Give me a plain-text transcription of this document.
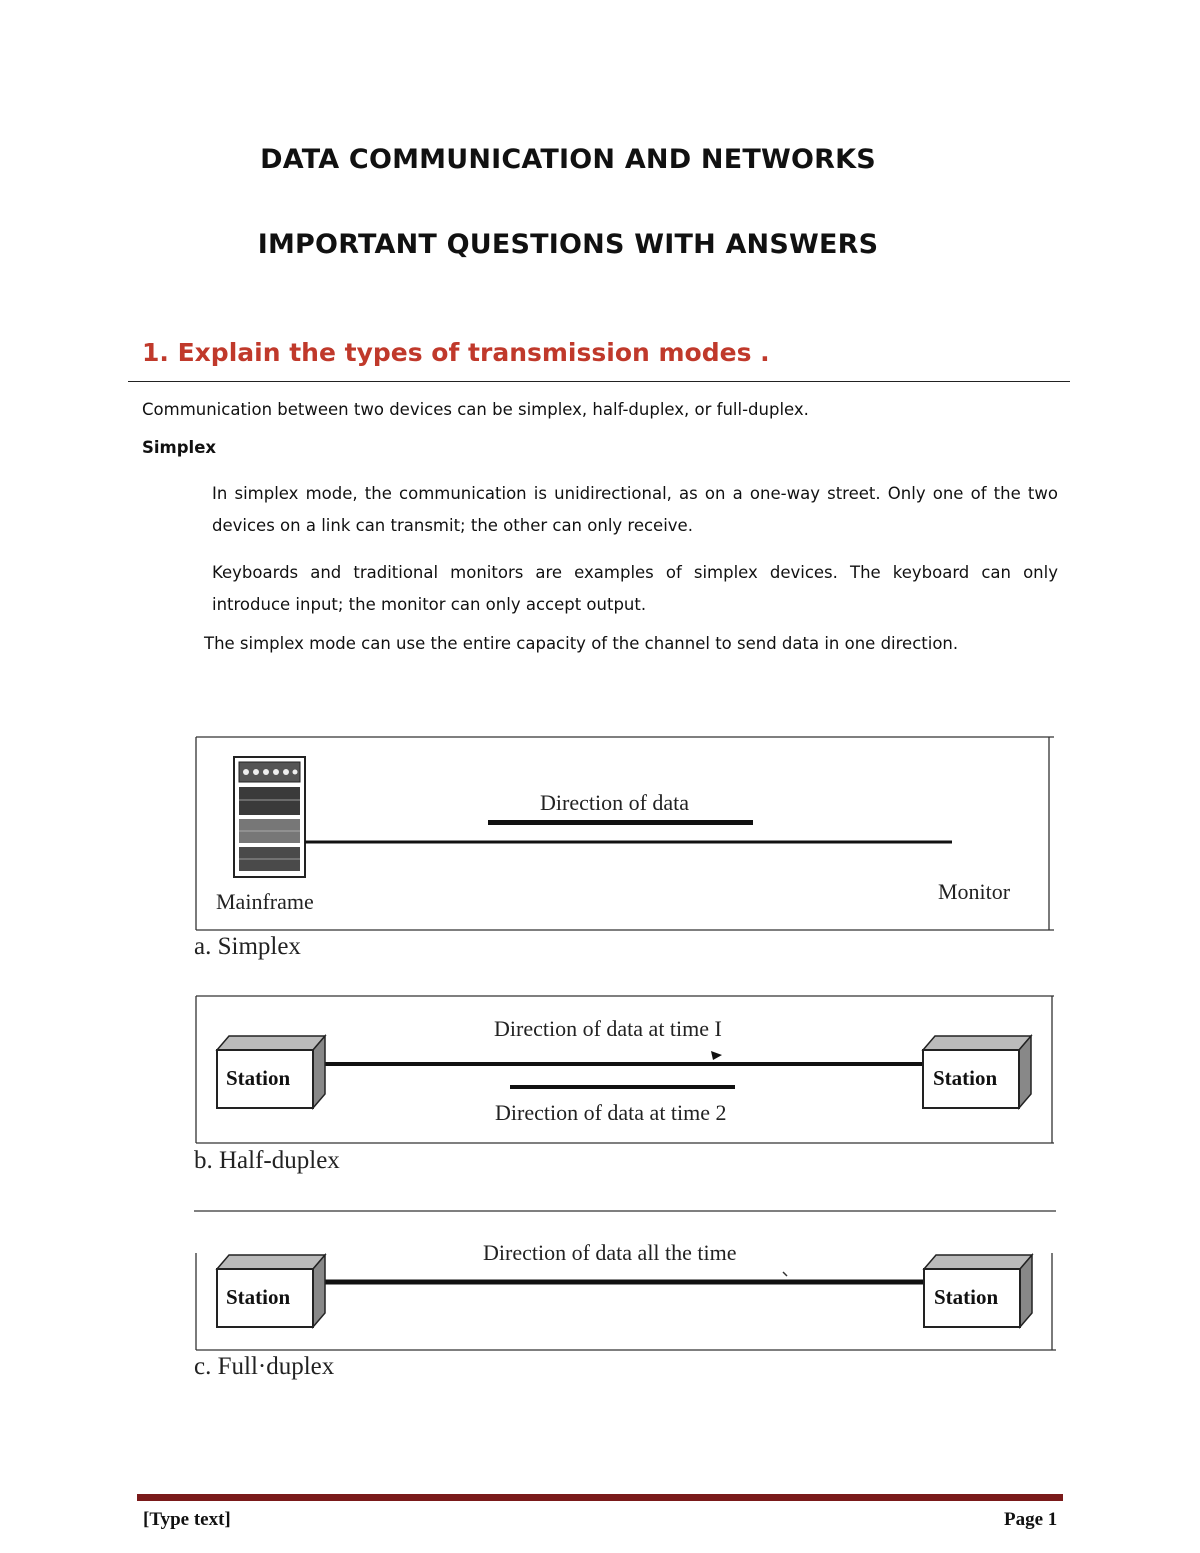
DATA COMMUNICATION AND NETWORKS
IMPORTANT QUESTIONS WITH ANSWERS
1. Explain the types of transmission modes .
Communication between two devices can be simplex, half-duplex, or full-duplex.
Simplex
In simplex mode, the communication is unidirectional, as on a one-way street. Only one of the two devices on a link can transmit; the other can only receive.
Keyboards and traditional monitors are examples of simplex devices. The keyboard can only introduce input; the monitor can only accept output.
The simplex mode can use the entire capacity of the channel to send data in one direction.
Direction of data
Mainframe	Monitor
a. Simplex
Station	Station
Direction of data at time I
Direction of data at time 2
b. Half-duplex
Station	Station
Direction of data all the time
c. Full·duplex
[Type text]	Page 1
